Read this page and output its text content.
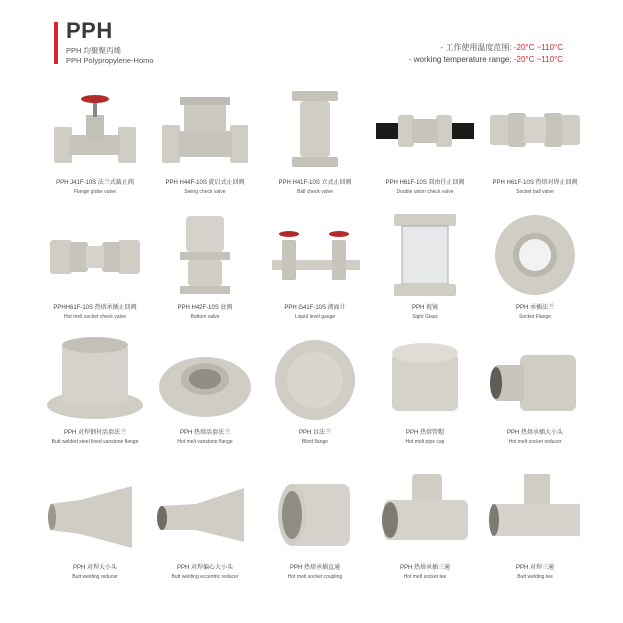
PPH
PPH 均聚聚丙烯
PPH Polypropylene-Homo
- 工作使用温度范围: -20°C ~110°C
- working temperature range: -20°C ~110°C
PPH J41F-10S 法兰式截止阀
Flange globe valve
PPH H44F-10S 旋启式止回阀
Swing check valve
PPH H41F-10S 立式止回阀
Ball check valve
PPH H61F-10S 双由任止回阀
Double union check valve
PPH H61F-10S 热熔对焊止回阀
Socket ball valve
PPHH61F-10S 热熔承插止回阀
Hot melt socket check valve
PPH H42F-10S 底阀
Bottom valve
PPH G41F-10S 液面计
Liquid level gauge
PPH 视镜
Sight Glass
PPH 承插法兰
Socket Flange
PPH 对焊钢衬活套法兰
Butt welded steel lined vanstone flange
PPH 热熔活套法兰
Hot melt vanstone flange
PPH 盲法兰
Blind flange
PPH 热熔管帽
Hot melt pipe cap
PPH 热熔承插大小头
Hot melt socket reducer
PPH 对焊大小头
Butt welding reducer
PPH 对焊偏心大小头
Butt welding eccentric reducer
PPH 热熔承插直通
Hot melt socket coupling
PPH 热熔承插三通
Hot melt socket tee
PPH 对焊三通
Butt welding tee
